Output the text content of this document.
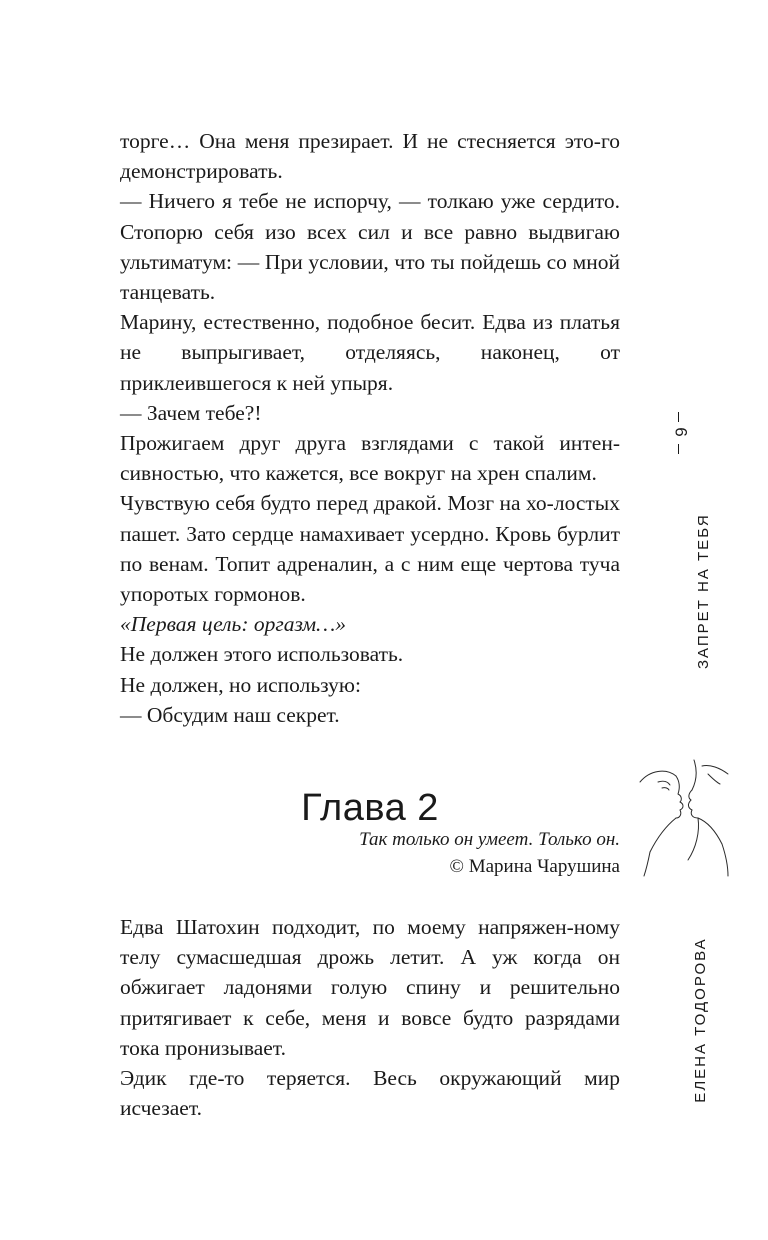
торге… Она меня презирает. И не стесняется это-го демонстрировать.

— Ничего я тебе не испорчу, — толкаю уже сердито. Стопорю себя изо всех сил и все равно выдвигаю ультиматум: — При условии, что ты пойдешь со мной танцевать.

Марину, естественно, подобное бесит. Едва из платья не выпрыгивает, отделяясь, наконец, от приклеившегося к ней упыря.

— Зачем тебе?!

Прожигаем друг друга взглядами с такой интен-сивностью, что кажется, все вокруг на хрен спалим.

Чувствую себя будто перед дракой. Мозг на хо-лостых пашет. Зато сердце намахивает усердно. Кровь бурлит по венам. Топит адреналин, а с ним еще чертова туча упоротых гормонов.

«Первая цель: оргазм…»

Не должен этого использовать.

Не должен, но использую:

— Обсудим наш секрет.

Глава 2
Так только он умеет. Только он.
© Марина Чарушина

Едва Шатохин подходит, по моему напряжен-ному телу сумасшедшая дрожь летит. А уж когда он обжигает ладонями голую спину и решительно притягивает к себе, меня и вовсе будто разрядами тока пронизывает.

Эдик где-то теряется. Весь окружающий мир исчезает.

9
ЗАПРЕТ НА ТЕБЯ
ЕЛЕНА ТОДОРОВА
